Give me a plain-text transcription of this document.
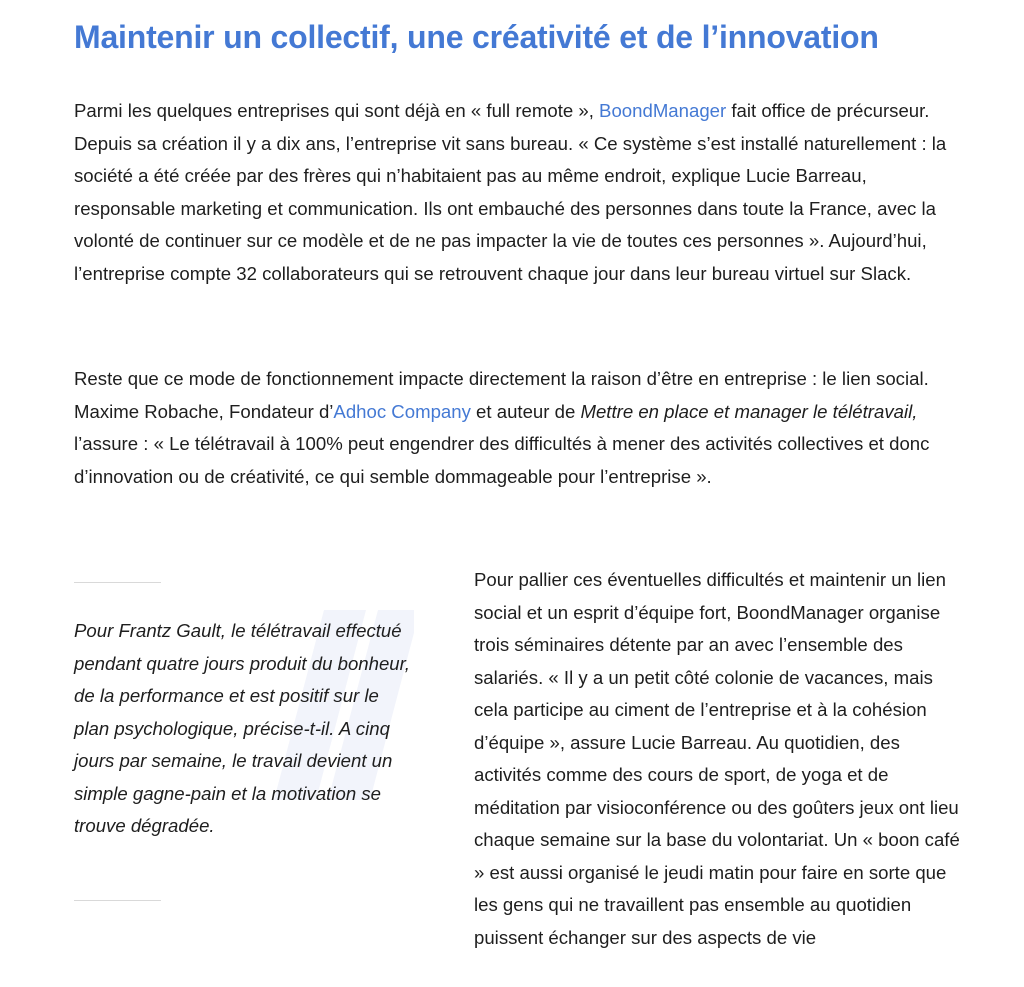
Maintenir un collectif, une créativité et de l’innovation

Parmi les quelques entreprises qui sont déjà en « full remote », BoondManager fait office de précurseur. Depuis sa création il y a dix ans, l’entreprise vit sans bureau. « Ce système s’est installé naturellement : la société a été créée par des frères qui n’habitaient pas au même endroit, explique Lucie Barreau, responsable marketing et communication. Ils ont embauché des personnes dans toute la France, avec la volonté de continuer sur ce modèle et de ne pas impacter la vie de toutes ces personnes ». Aujourd’hui, l’entreprise compte 32 collaborateurs qui se retrouvent chaque jour dans leur bureau virtuel sur Slack.

Reste que ce mode de fonctionnement impacte directement la raison d’être en entreprise : le lien social. Maxime Robache, Fondateur d’Adhoc Company et auteur de Mettre en place et manager le télétravail, l’assure : « Le télétravail à 100% peut engendrer des difficultés à mener des activités collectives et donc d’innovation ou de créativité, ce qui semble dommageable pour l’entreprise ».

Pour Frantz Gault, le télétravail effectué pendant quatre jours produit du bonheur, de la performance et est positif sur le plan psychologique, précise-t-il. A cinq jours par semaine, le travail devient un simple gagne-pain et la motivation se trouve dégradée.

Pour pallier ces éventuelles difficultés et maintenir un lien social et un esprit d’équipe fort, BoondManager organise trois séminaires détente par an avec l’ensemble des salariés. « Il y a un petit côté colonie de vacances, mais cela participe au ciment de l’entreprise et à la cohésion d’équipe », assure Lucie Barreau. Au quotidien, des activités comme des cours de sport, de yoga et de méditation par visioconférence ou des goûters jeux ont lieu chaque semaine sur la base du volontariat. Un « boon café » est aussi organisé le jeudi matin pour faire en sorte que les gens qui ne travaillent pas ensemble au quotidien puissent échanger sur des aspects de vie
